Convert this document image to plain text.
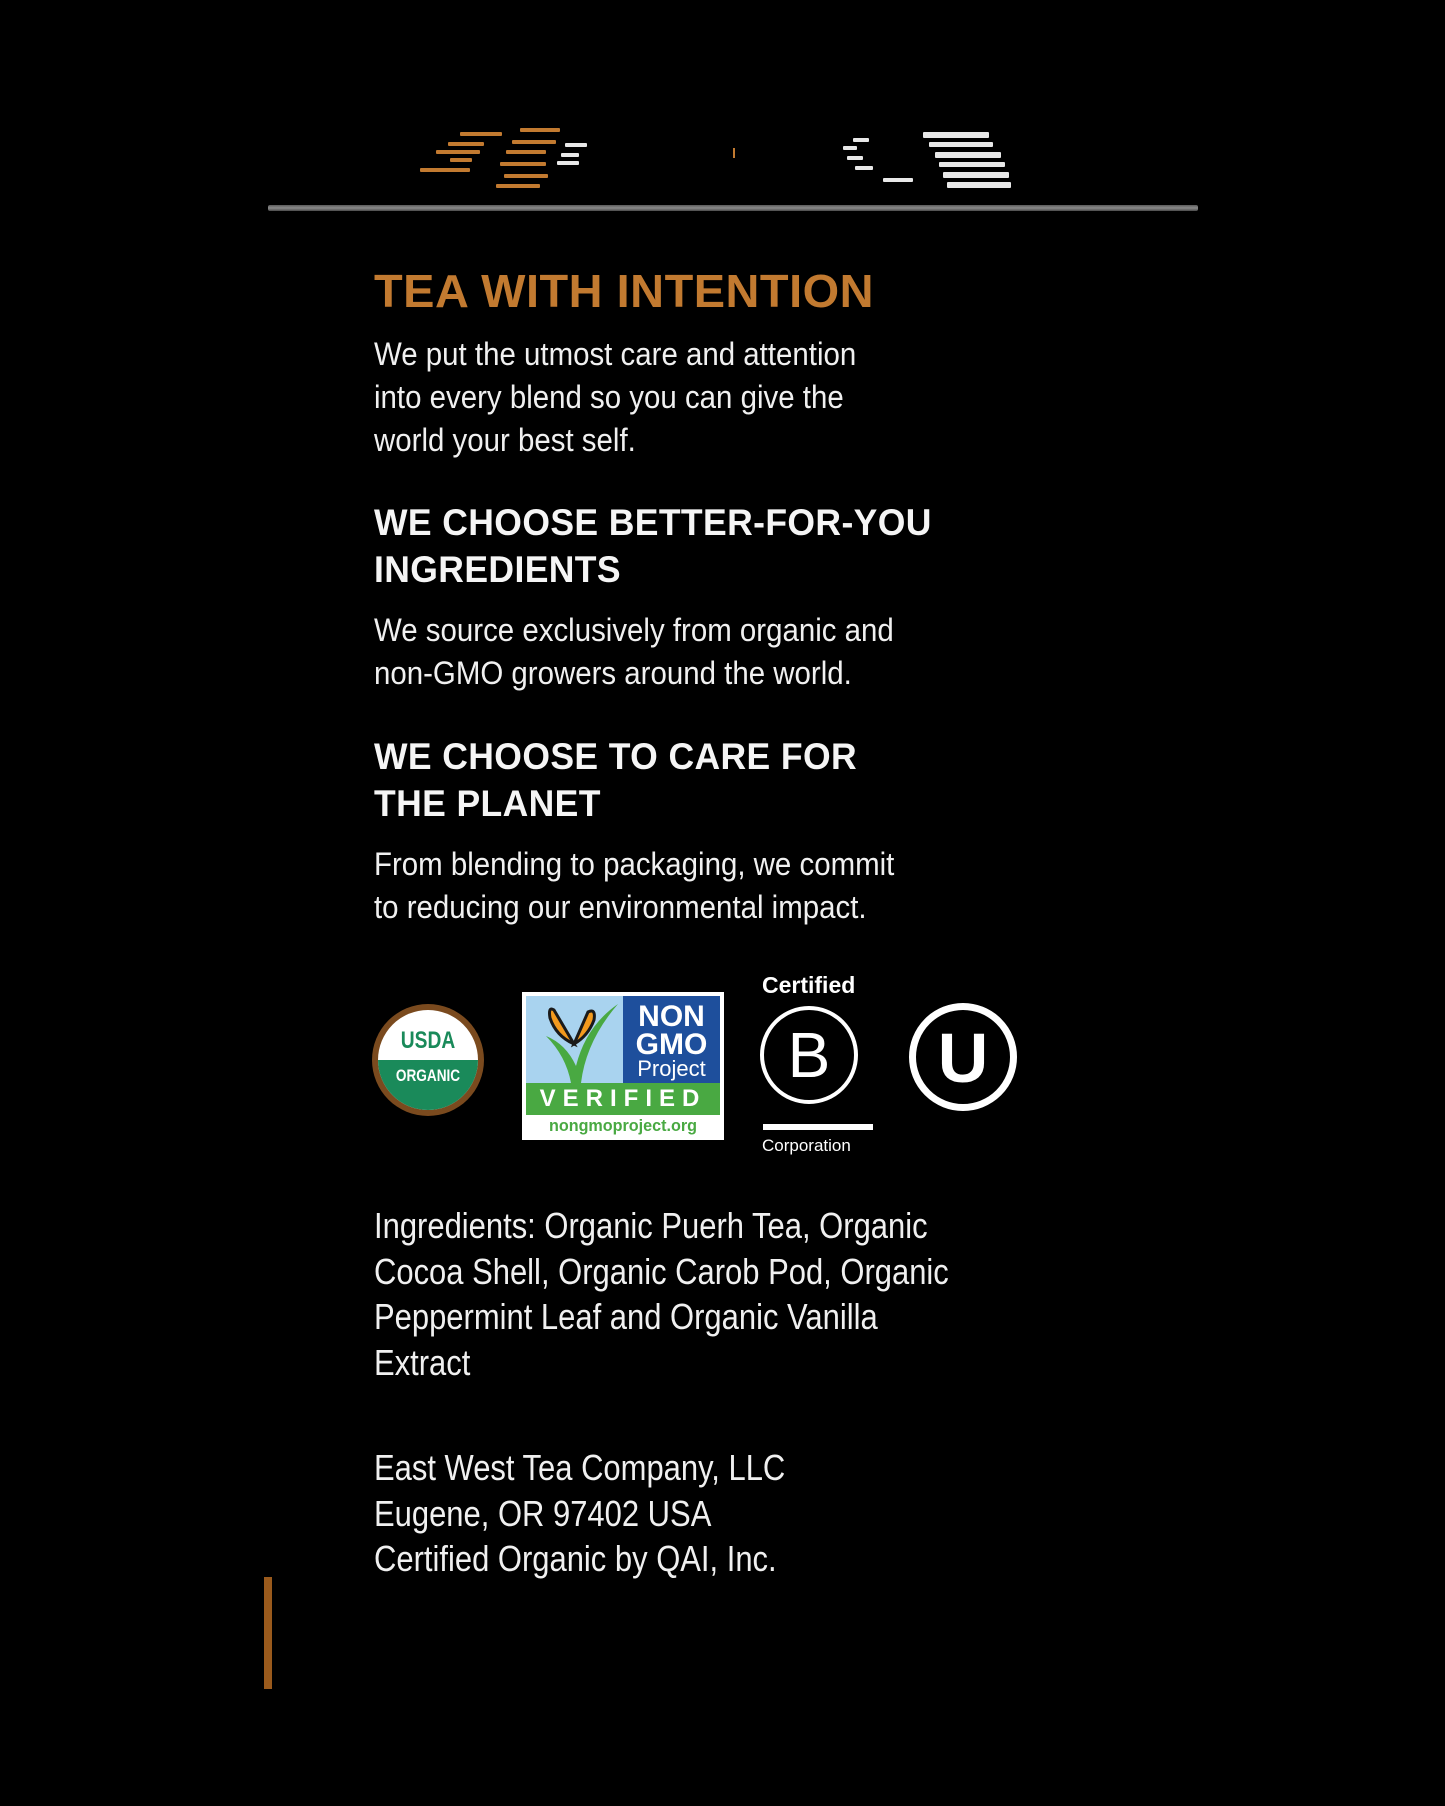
TEA WITH INTENTION
We put the utmost care and attention
into every blend so you can give the
world your best self.
WE CHOOSE BETTER-FOR-YOU
INGREDIENTS
We source exclusively from organic and
non-GMO growers around the world.
WE CHOOSE TO CARE FOR
THE PLANET
From blending to packaging, we commit
to reducing our environmental impact.
Ingredients: Organic Puerh Tea, Organic
Cocoa Shell, Organic Carob Pod, Organic
Peppermint Leaf and Organic Vanilla
Extract
East West Tea Company, LLC
Eugene, OR 97402 USA
Certified Organic by QAI, Inc.
USDA
ORGANIC
NON
GMO
Project
VERIFIED
nongmoproject.org
Certified
B
Corporation
U
